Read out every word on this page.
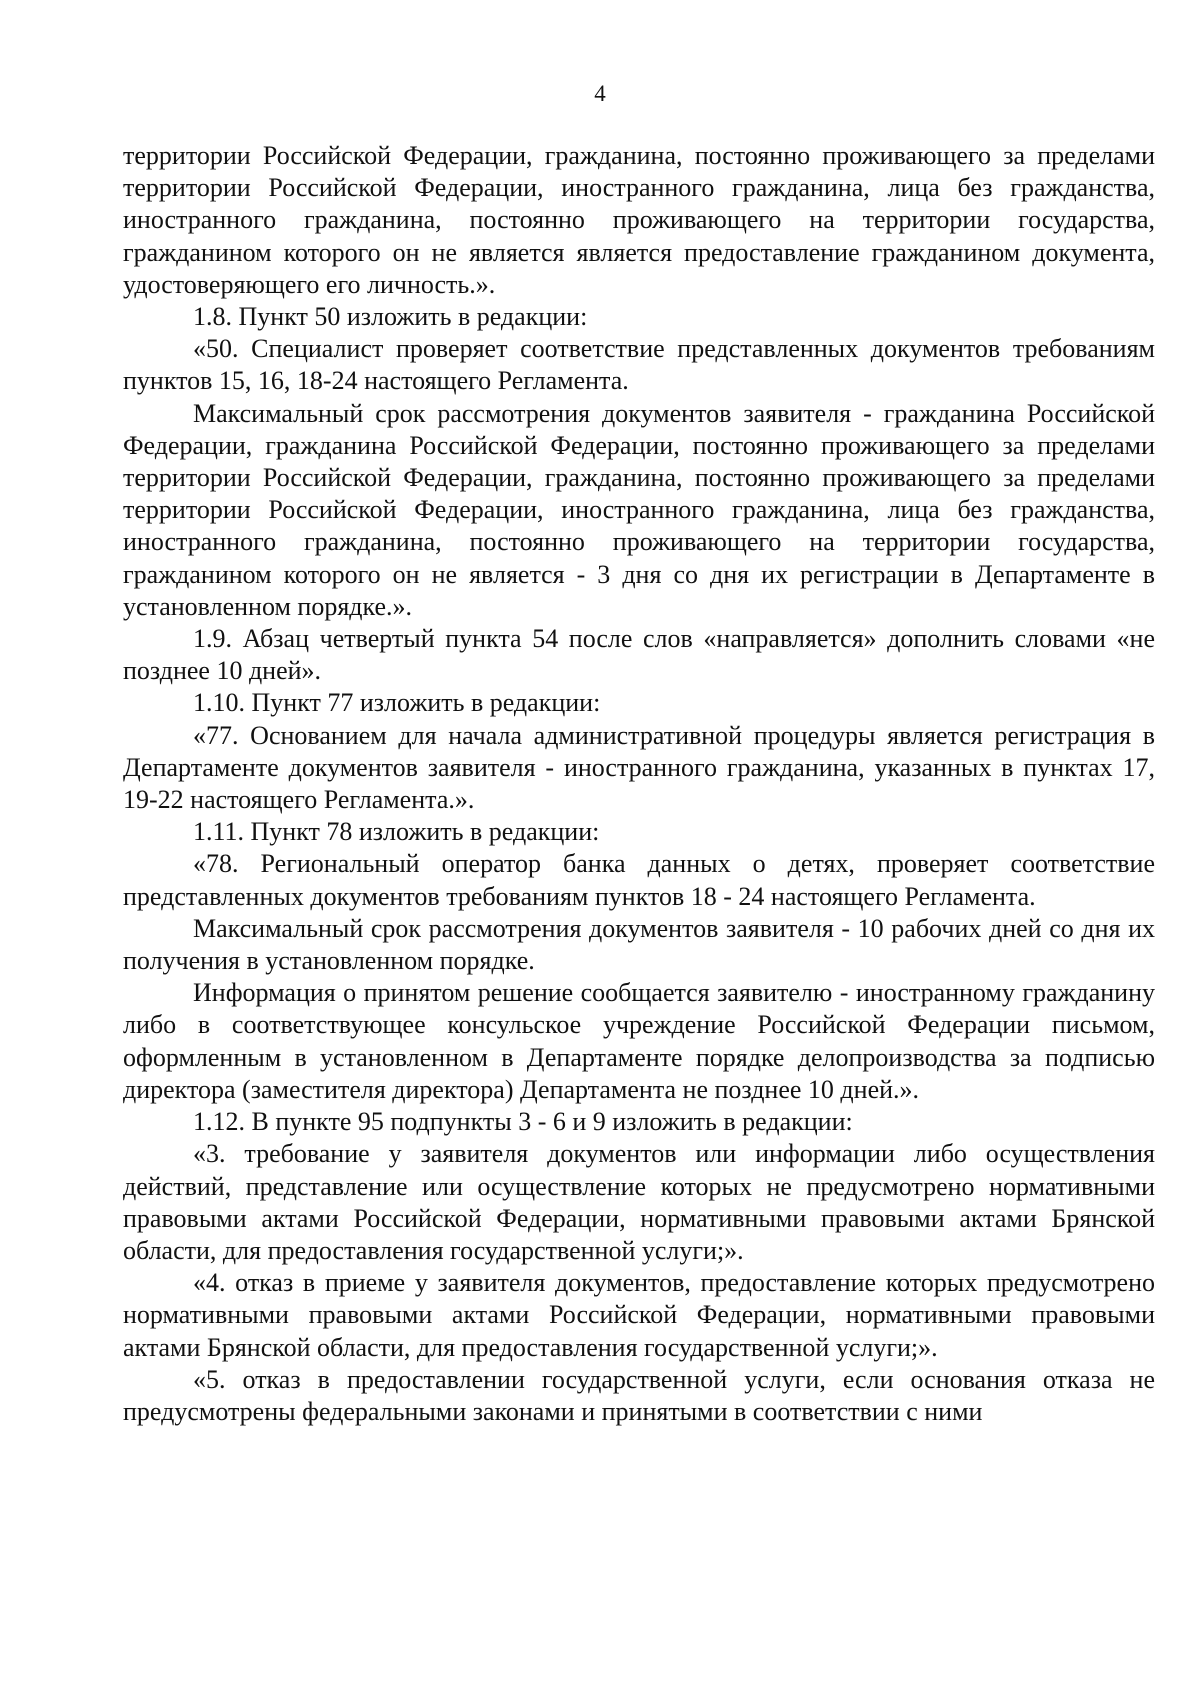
4

территории Российской Федерации, гражданина, постоянно проживающего за пределами территории Российской Федерации, иностранного гражданина, лица без гражданства, иностранного гражданина, постоянно проживающего на территории государства, гражданином которого он не является является предоставление гражданином документа, удостоверяющего его личность.».

1.8. Пункт 50 изложить в редакции:

«50. Специалист проверяет соответствие представленных документов требованиям пунктов 15, 16, 18-24 настоящего Регламента.

Максимальный срок рассмотрения документов заявителя - гражданина Российской Федерации, гражданина Российской Федерации, постоянно проживающего за пределами территории Российской Федерации, гражданина, постоянно проживающего за пределами территории Российской Федерации, иностранного гражданина, лица без гражданства, иностранного гражданина, постоянно проживающего на территории государства, гражданином которого он не является - 3 дня со дня их регистрации в Департаменте в установленном порядке.».

1.9. Абзац четвертый пункта 54 после слов «направляется» дополнить словами «не позднее 10 дней».

1.10. Пункт 77 изложить в редакции:

«77. Основанием для начала административной процедуры является регистрация в Департаменте документов заявителя - иностранного гражданина, указанных в пунктах 17, 19-22 настоящего Регламента.».

1.11. Пункт 78 изложить в редакции:

«78. Региональный оператор банка данных о детях, проверяет соответствие представленных документов требованиям пунктов 18 - 24 настоящего Регламента.

Максимальный срок рассмотрения документов заявителя - 10 рабочих дней со дня их получения в установленном порядке.

Информация о принятом решение сообщается заявителю - иностранному гражданину либо в соответствующее консульское учреждение Российской Федерации письмом, оформленным в установленном в Департаменте порядке делопроизводства за подписью директора (заместителя директора) Департамента не позднее 10 дней.».

1.12. В пункте 95 подпункты 3 - 6 и 9 изложить в редакции:

«3. требование у заявителя документов или информации либо осуществления действий, представление или осуществление которых не предусмотрено нормативными правовыми актами Российской Федерации, нормативными правовыми актами Брянской области, для предоставления государственной услуги;».

«4. отказ в приеме у заявителя документов, предоставление которых предусмотрено нормативными правовыми актами Российской Федерации, нормативными правовыми актами Брянской области, для предоставления государственной услуги;».

«5. отказ в предоставлении государственной услуги, если основания отказа не предусмотрены федеральными законами и принятыми в соответствии с ними
